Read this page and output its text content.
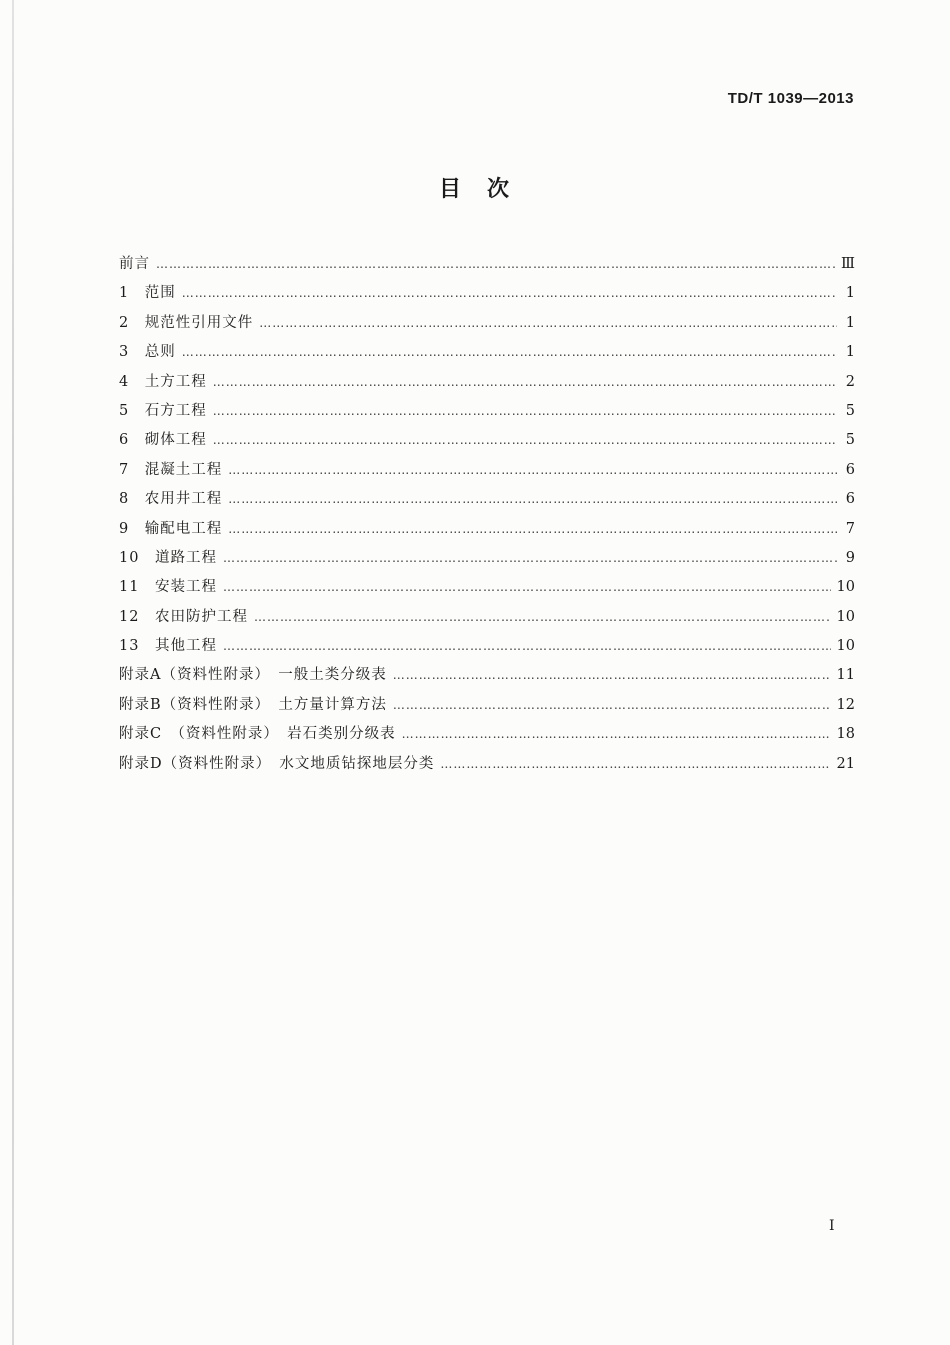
TD/T 1039—2013
目　次
前言 ………………………………………………………………………………………………………………………………………………………………………………	Ⅲ
1　范围 ………………………………………………………………………………………………………………………………………………………………………………	1
2　规范性引用文件 ………………………………………………………………………………………………………………………………………………………………………………	1
3　总则 ………………………………………………………………………………………………………………………………………………………………………………	1
4　土方工程 ………………………………………………………………………………………………………………………………………………………………………………	2
5　石方工程 ………………………………………………………………………………………………………………………………………………………………………………	5
6　砌体工程 ………………………………………………………………………………………………………………………………………………………………………………	5
7　混凝土工程 ………………………………………………………………………………………………………………………………………………………………………………	6
8　农用井工程 ………………………………………………………………………………………………………………………………………………………………………………	6
9　输配电工程 ………………………………………………………………………………………………………………………………………………………………………………	7
10　道路工程 ………………………………………………………………………………………………………………………………………………………………………………	9
11　安装工程 ………………………………………………………………………………………………………………………………………………………………………………	10
12　农田防护工程 ………………………………………………………………………………………………………………………………………………………………………………	10
13　其他工程 ………………………………………………………………………………………………………………………………………………………………………………	10
附录A（资料性附录）　一般土类分级表 ………………………………………………………………………………………………………………………………………………………………………………	11
附录B（资料性附录）　土方量计算方法 ………………………………………………………………………………………………………………………………………………………………………………	12
附录C　（资料性附录）　岩石类别分级表 ………………………………………………………………………………………………………………………………………………………………………………	18
附录D（资料性附录）　水文地质钻探地层分类 ………………………………………………………………………………………………………………………………………………………………………………	21
I
